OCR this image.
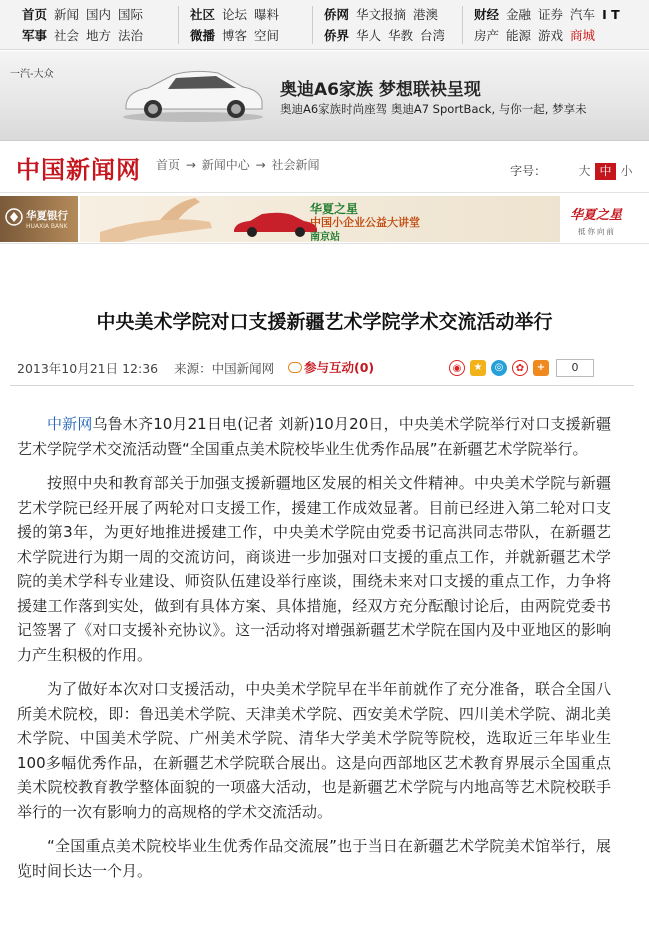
首页 新闻 国内 国际
军事 社会 地方 法治
社区 论坛 曝料
微播 博客 空间
侨网 华文报摘 港澳
侨界 华人 华教 台湾
财经 金融 证券 汽车 I T
房产 能源 游戏 商城
一汽-大众
奥迪A6家族 梦想联袂呈现
奥迪A6家族时尚座驾 奥迪A7 SportBack, 与你一起, 梦享未
中国新闻网 首页 → 新闻中心 → 社会新闻	字号：	大 中 小
华夏银行
HUAXIA BANK
华夏之星
中国小企业公益大讲堂
南京站
华夏之星
抵你向前
中央美术学院对口支援新疆艺术学院学术交流活动举行
2013年10月21日 12:36 来源：中国新闻网	参与互动(0)	◉ ★ ◎ ✿ + 0

中新网乌鲁木齐10月21日电(记者 刘新)10月20日，中央美术学院举行对口支援新疆艺术学院学术交流活动暨“全国重点美术院校毕业生优秀作品展”在新疆艺术学院举行。

按照中央和教育部关于加强支援新疆地区发展的相关文件精神。中央美术学院与新疆艺术学院已经开展了两轮对口支援工作，援建工作成效显著。目前已经进入第二轮对口支援的第3年，为更好地推进援建工作，中央美术学院由党委书记高洪同志带队，在新疆艺术学院进行为期一周的交流访问，商谈进一步加强对口支援的重点工作，并就新疆艺术学院的美术学科专业建设、师资队伍建设举行座谈，围绕未来对口支援的重点工作，力争将援建工作落到实处，做到有具体方案、具体措施，经双方充分酝酿讨论后，由两院党委书记签署了《对口支援补充协议》。这一活动将对增强新疆艺术学院在国内及中亚地区的影响力产生积极的作用。

为了做好本次对口支援活动，中央美术学院早在半年前就作了充分准备，联合全国八所美术院校，即：鲁迅美术学院、天津美术学院、西安美术学院、四川美术学院、湖北美术学院、中国美术学院、广州美术学院、清华大学美术学院等院校，选取近三年毕业生100多幅优秀作品，在新疆艺术学院联合展出。这是向西部地区艺术教育界展示全国重点美术院校教育教学整体面貌的一项盛大活动，也是新疆艺术学院与内地高等艺术院校联手举行的一次有影响力的高规格的学术交流活动。

“全国重点美术院校毕业生优秀作品交流展”也于当日在新疆艺术学院美术馆举行，展览时间长达一个月。
